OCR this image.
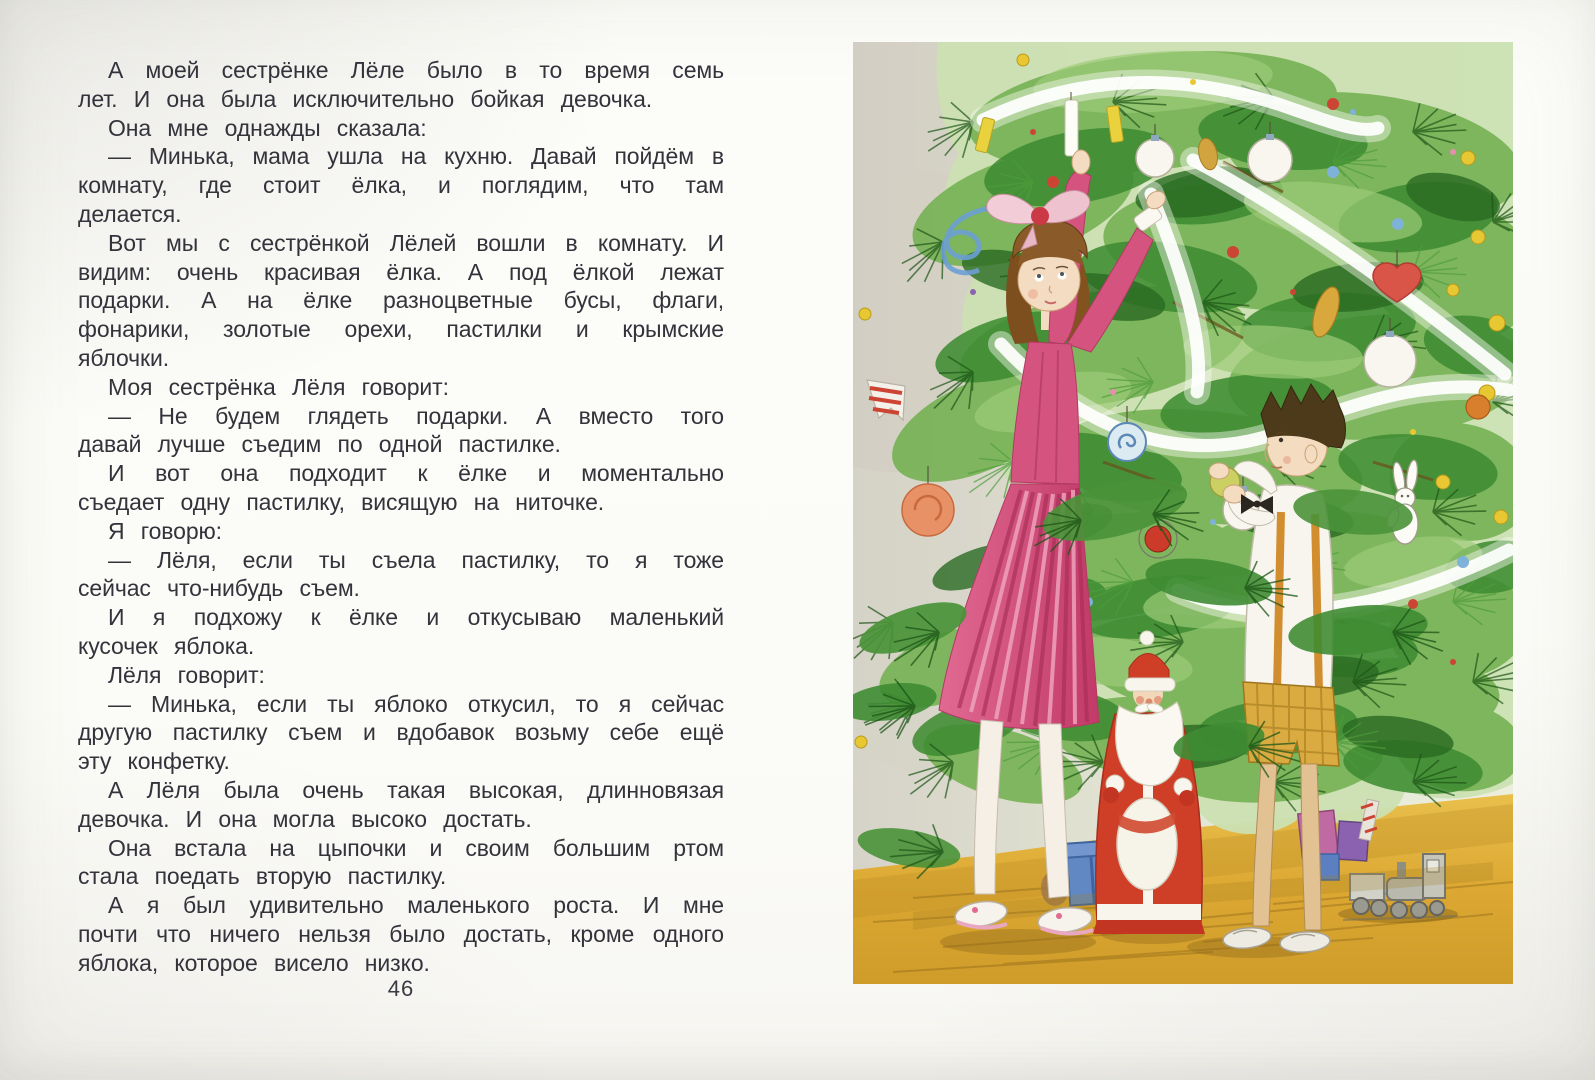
А моей сестрёнке Лёле было в то время семь лет. И она была исключительно бойкая девочка.

Она мне однажды сказала:

— Минька, мама ушла на кухню. Давай пойдём в комнату, где стоит ёлка, и поглядим, что там делается.

Вот мы с сестрёнкой Лёлей вошли в комнату. И видим: очень красивая ёлка. А под ёлкой лежат подарки. А на ёлке разноцветные бусы, флаги, фонарики, золотые орехи, пастилки и крымские яблочки.

Моя сестрёнка Лёля говорит:

— Не будем глядеть подарки. А вместо того давай лучше съедим по одной пастилке.

И вот она подходит к ёлке и моментально съедает одну пастилку, висящую на ниточке.

Я говорю:

— Лёля, если ты съела пастилку, то я тоже сейчас что-нибудь съем.

И я подхожу к ёлке и откусываю маленький кусочек яблока.

Лёля говорит:

— Минька, если ты яблоко откусил, то я сейчас другую пастилку съем и вдобавок возьму себе ещё эту конфетку.

А Лёля была очень такая высокая, длинновязая девочка. И она могла высоко достать.

Она встала на цыпочки и своим большим ртом стала поедать вторую пастилку.

А я был удивительно маленького роста. И мне почти что ничего нельзя было достать, кроме одного яблока, которое висело низко.

46
